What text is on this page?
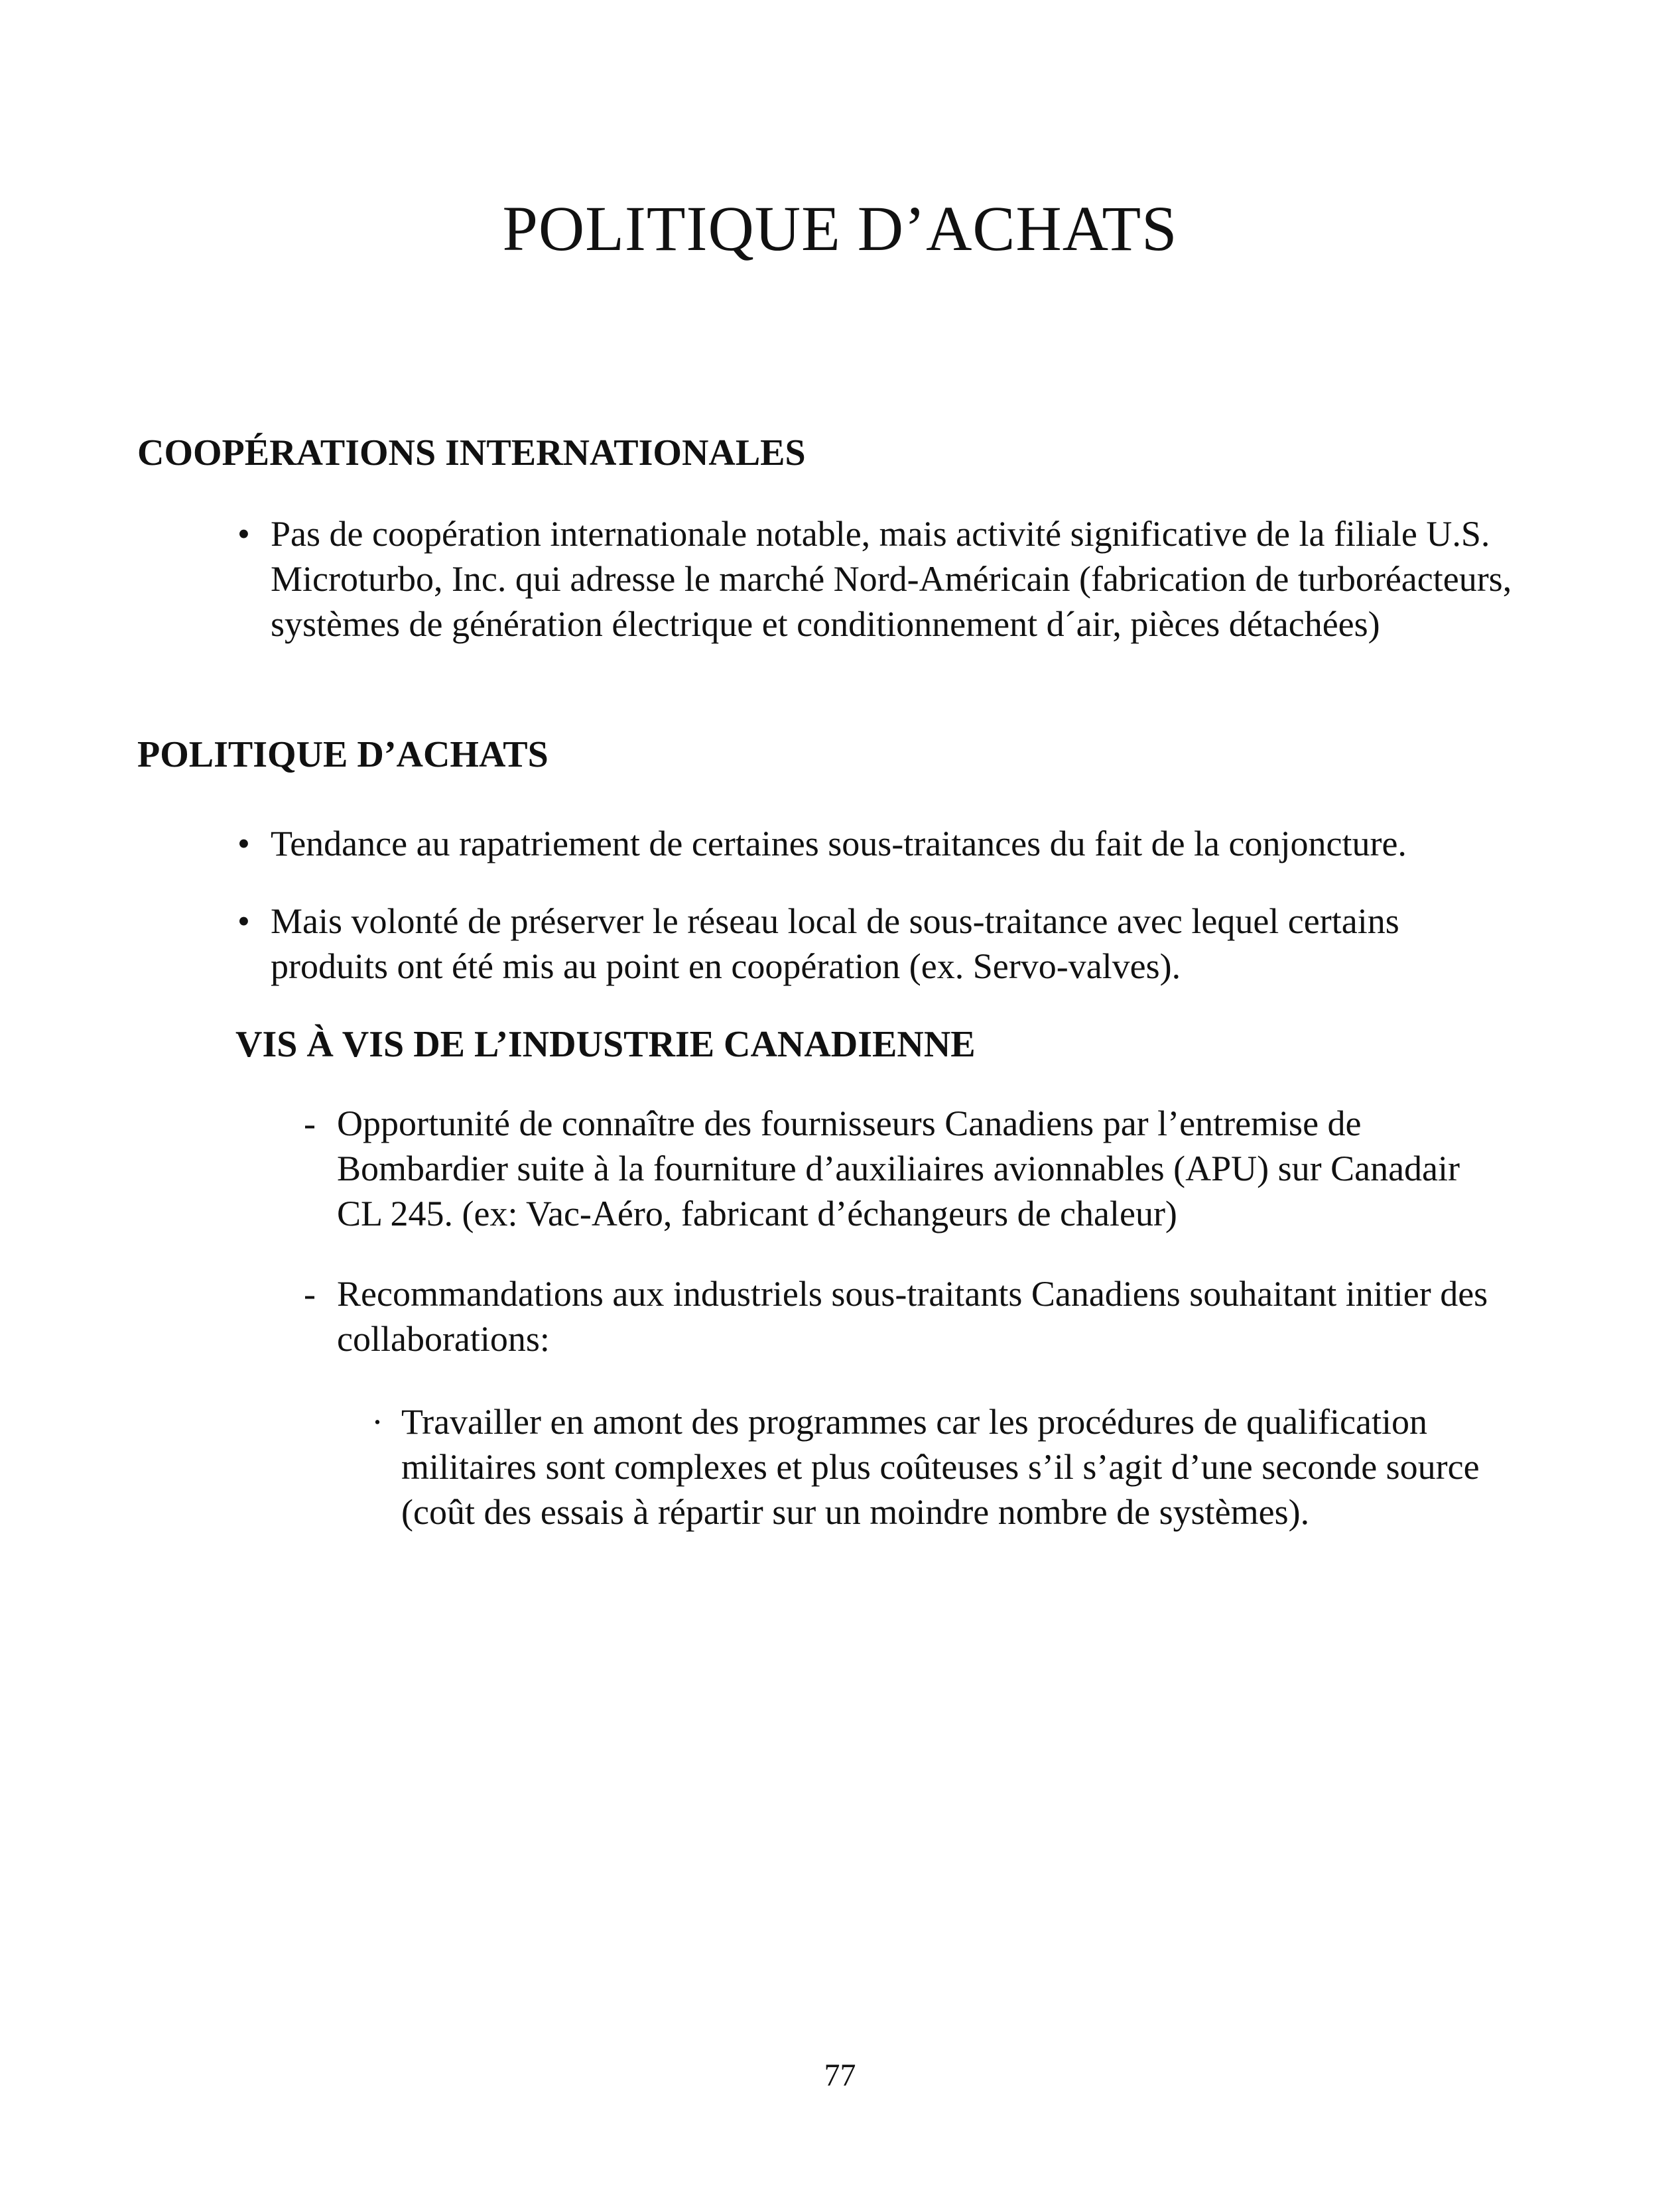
POLITIQUE D’ACHATS
COOPÉRATIONS INTERNATIONALES
• Pas de coopération internationale notable, mais activité significative de la filiale U.S. Microturbo, Inc. qui adresse le marché Nord-Américain (fabrication de turboréacteurs, systèmes de génération électrique et conditionnement d´air, pièces détachées)
POLITIQUE D’ACHATS
• Tendance au rapatriement de certaines sous-traitances du fait de la conjoncture.
• Mais volonté de préserver le réseau local de sous-traitance avec lequel certains produits ont été mis au point en coopération (ex. Servo-valves).
VIS À VIS DE L’INDUSTRIE CANADIENNE
- Opportunité de connaître des fournisseurs Canadiens par l’entremise de Bombardier suite à la fourniture d’auxiliaires avionnables (APU) sur Canadair CL 245. (ex: Vac-Aéro, fabricant d’échangeurs de chaleur)
- Recommandations aux industriels sous-traitants Canadiens souhaitant initier des collaborations:
· Travailler en amont des programmes car les procédures de qualification militaires sont complexes et plus coûteuses s’il s’agit d’une seconde source (coût des essais à répartir sur un moindre nombre de systèmes).
77
